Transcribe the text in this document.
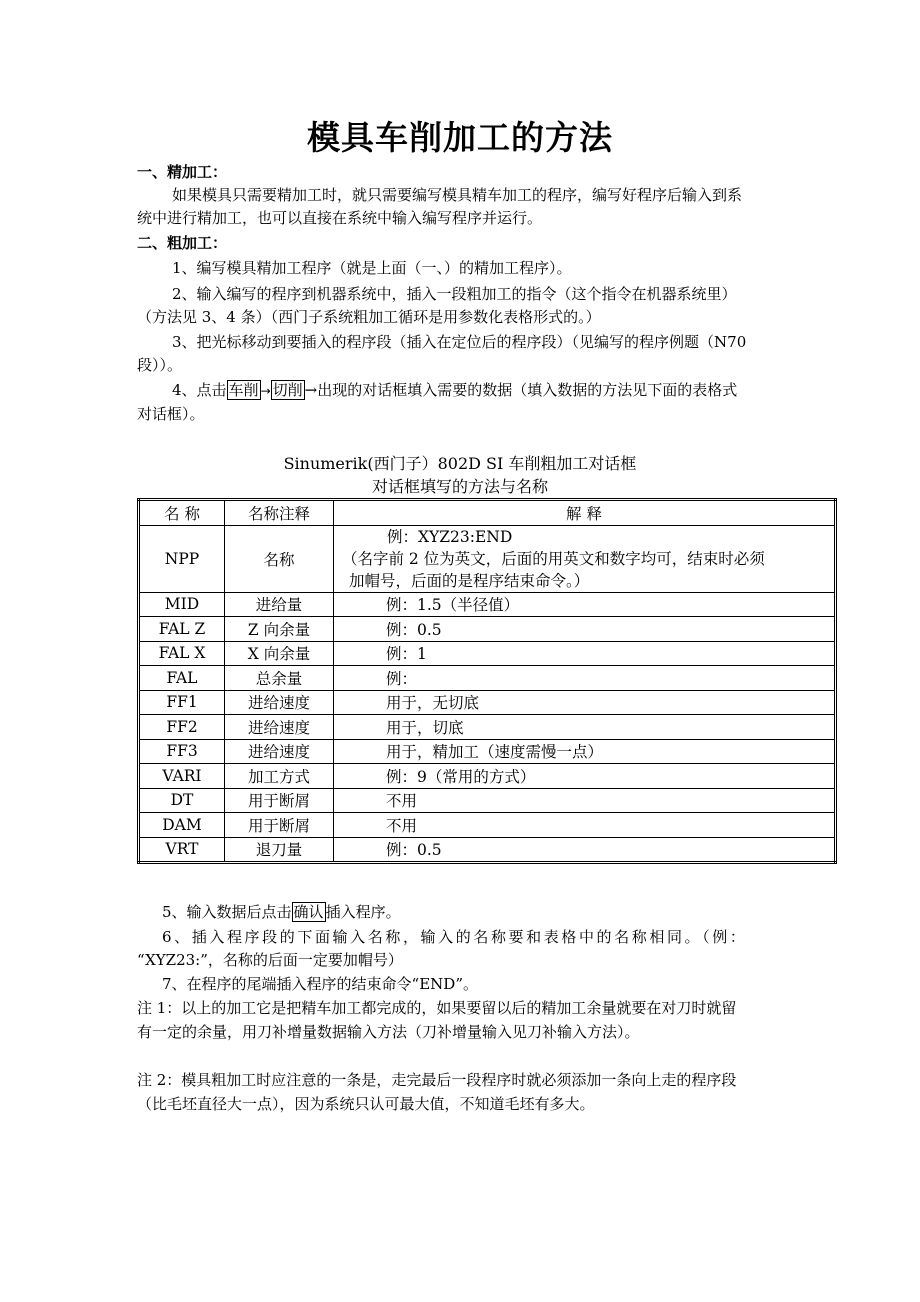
模具车削加工的方法
一、精加工：
如果模具只需要精加工时，就只需要编写模具精车加工的程序，编写好程序后输入到系
统中进行精加工，也可以直接在系统中输入编写程序并运行。
二、粗加工：
1、编写模具精加工程序（就是上面（一、）的精加工程序）。
2、输入编写的程序到机器系统中，插入一段粗加工的指令（这个指令在机器系统里）
（方法见 3、4 条）（西门子系统粗加工循环是用参数化表格形式的。）
3、把光标移动到要插入的程序段（插入在定位后的程序段）（见编写的程序例题（N70
段））。
4、点击 车削 → 切削 →出现的对话框填入需要的数据（填入数据的方法见下面的表格式
对话框）。
Sinumerik(西门子）802D SI 车削粗加工对话框
对话框填写的方法与名称
名 称	名称注释	解 释
NPP	名称	例：XYZ23:END
（名字前 2 位为英文，后面的用英文和数字均可，结束时必须
加帽号，后面的是程序结束命令。）

MID	进给量	例：1.5（半径值）
FAL Z	Z 向余量	例：0.5
FAL X	X 向余量	例：1
FAL	总余量	例：
FF1	进给速度	用于，无切底
FF2	进给速度	用于，切底
FF3	进给速度	用于，精加工（速度需慢一点）
VARI	加工方式	例：9（常用的方式）
DT	用于断屑	不用
DAM	用于断屑	不用
VRT	退刀量	例：0.5
5、输入数据后点击 确认 插入程序。
6、插入程序段的下面输入名称，输入的名称要和表格中的名称相同。（例：
“XYZ23:”，名称的后面一定要加帽号）
7、在程序的尾端插入程序的结束命令“END”。
注 1：以上的加工它是把精车加工都完成的，如果要留以后的精加工余量就要在对刀时就留
有一定的余量，用刀补增量数据输入方法（刀补增量输入见刀补输入方法）。
注 2：模具粗加工时应注意的一条是，走完最后一段程序时就必须添加一条向上走的程序段
（比毛坯直径大一点），因为系统只认可最大值，不知道毛坯有多大。
